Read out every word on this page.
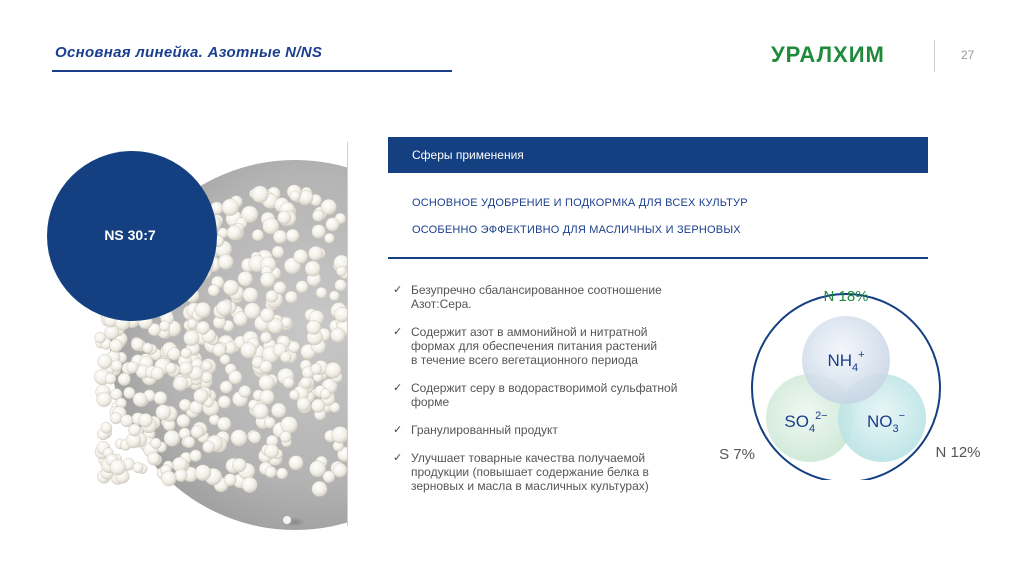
Основная линейка. Азотные N/NS	УРАЛХИМ	27
NS 30:7
Сферы применения
ОСНОВНОЕ УДОБРЕНИЕ И ПОДКОРМКА ДЛЯ ВСЕХ КУЛЬТУР
ОСОБЕННО ЭФФЕКТИВНО ДЛЯ МАСЛИЧНЫХ И ЗЕРНОВЫХ
✓ Безупречно сбалансированное соотношение
Азот:Сера.
✓ Содержит азот в аммонийной и нитратной
формах для обеспечения питания растений
в течение всего вегетационного периода
✓ Содержит серу в водорастворимой сульфатной
форме
✓ Гранулированный продукт
✓ Улучшает товарные качества получаемой
продукции (повышает содержание белка в
зерновых и масла в масличных культурах)
$NH_4^+$
$SO_4^{2-}$ $NO_3^-$
N 18%
S 7%	N 12%
